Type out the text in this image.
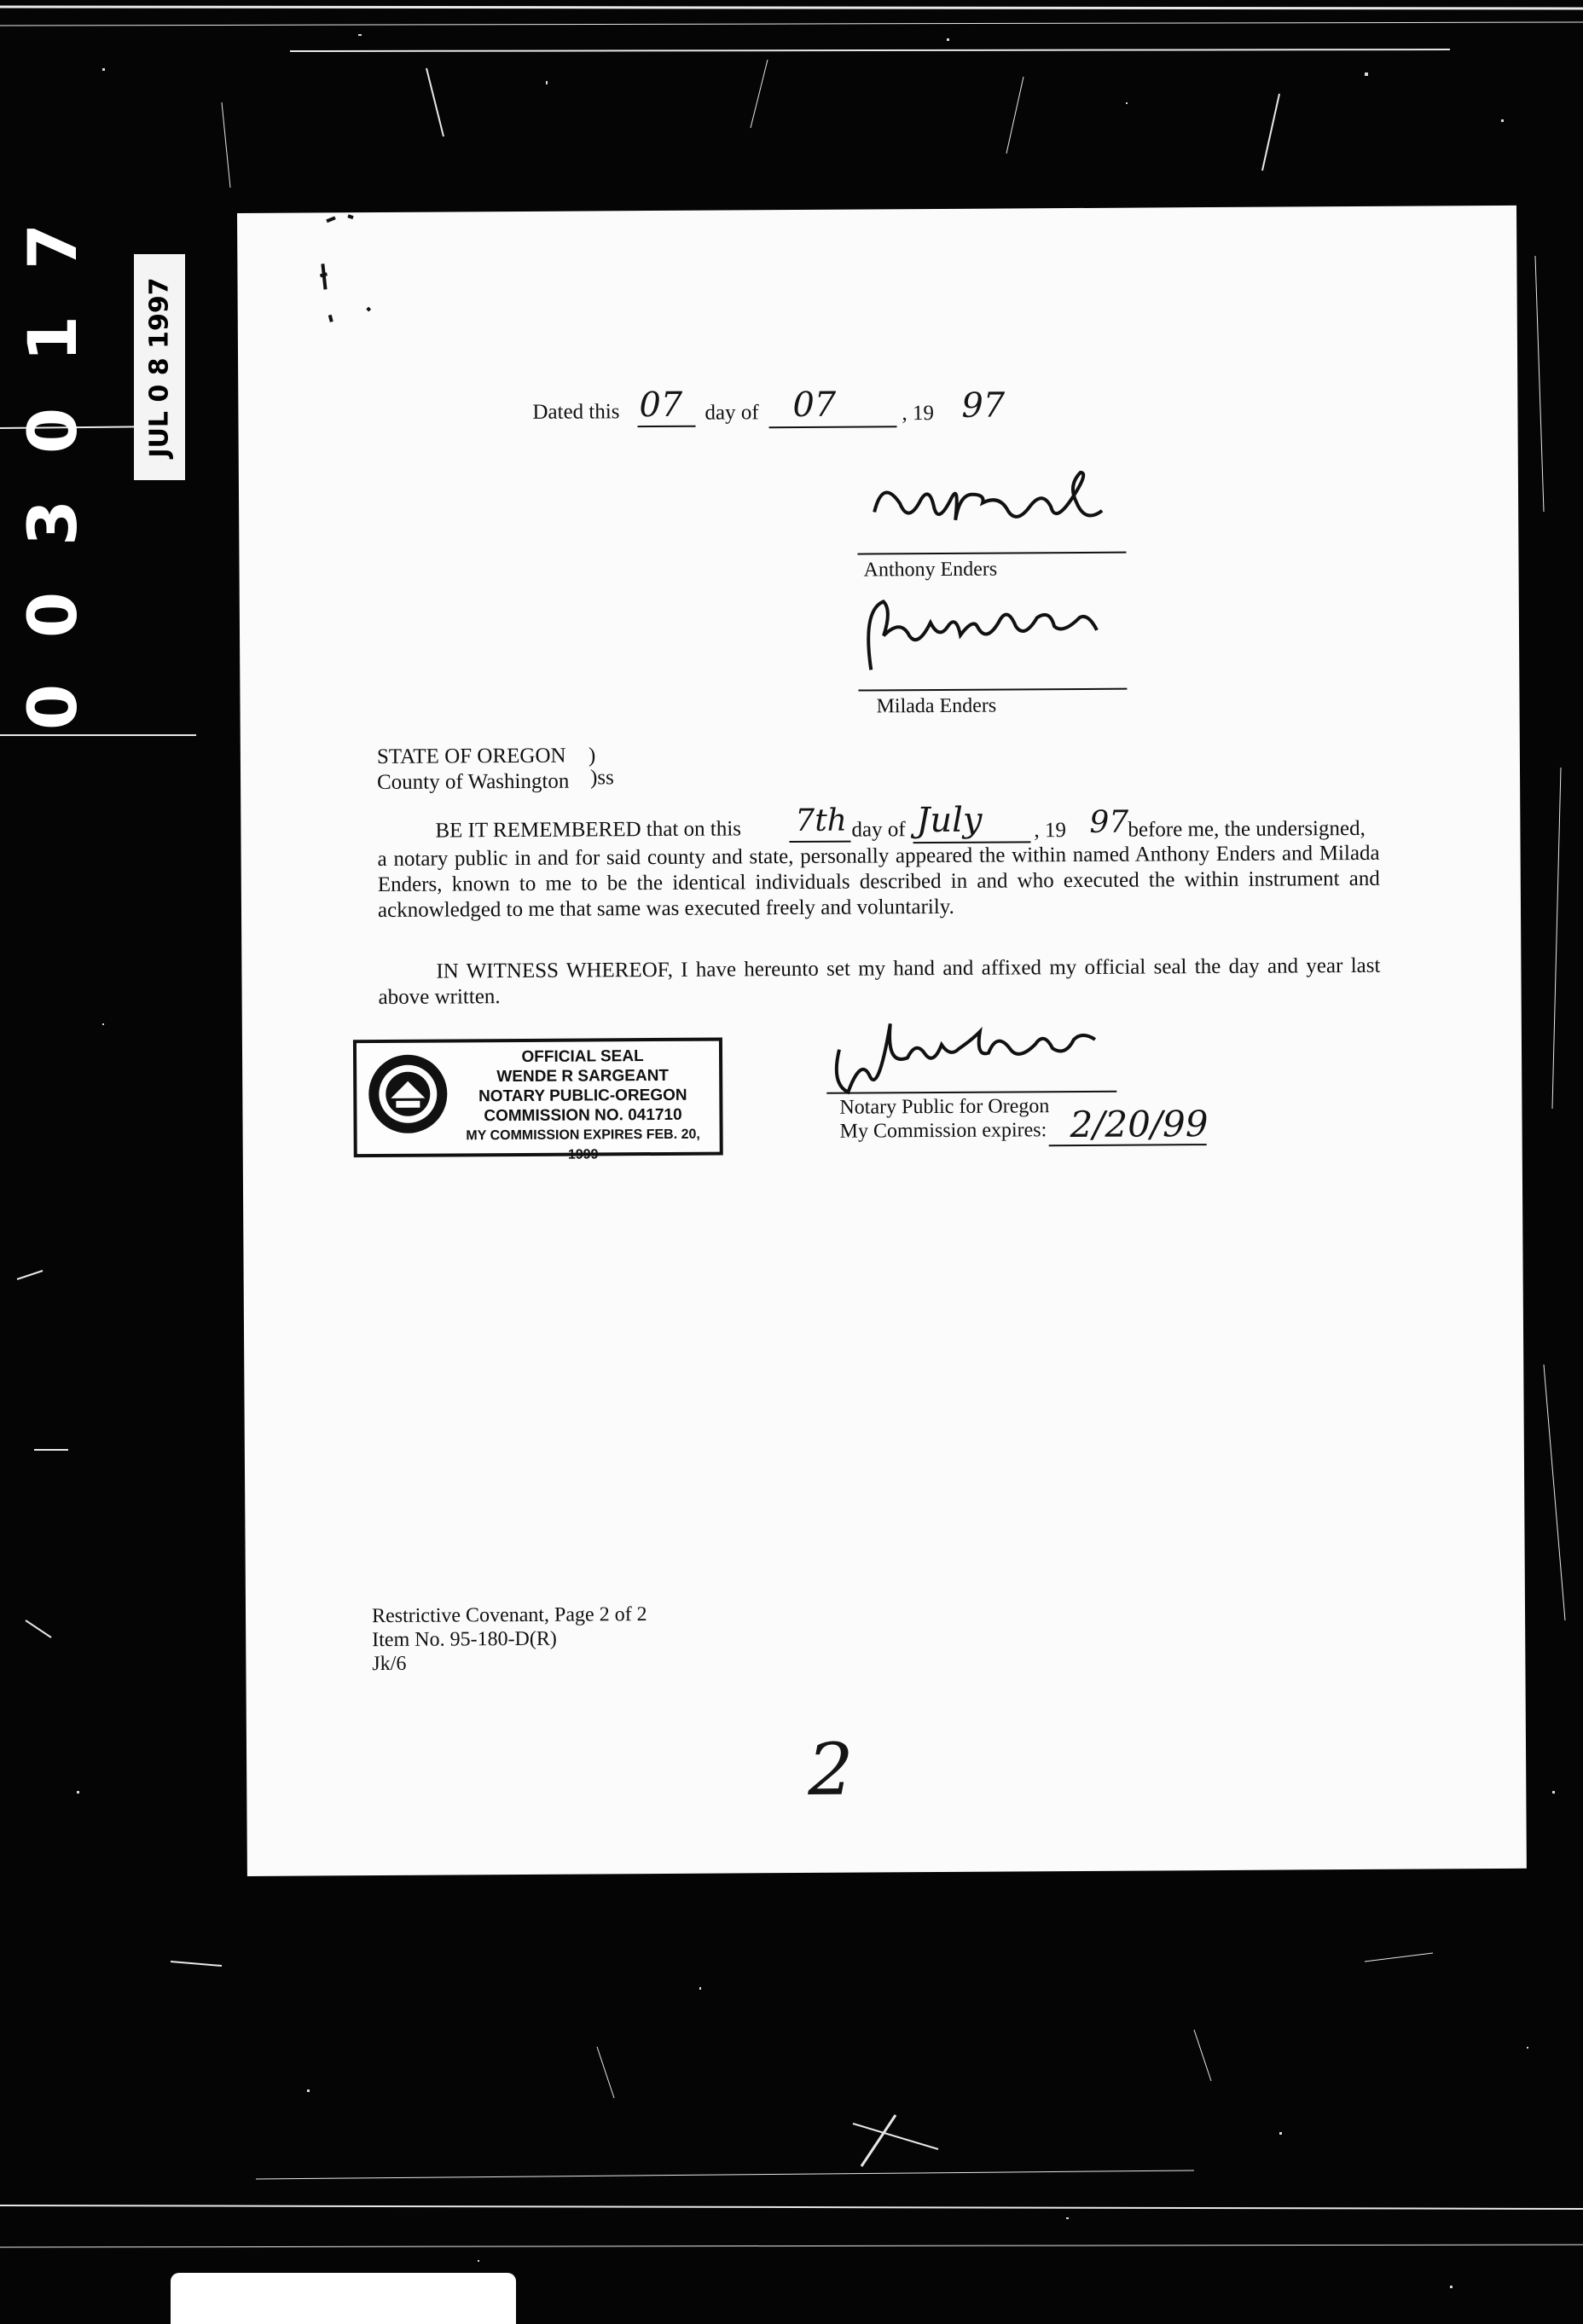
7
1
0
3
0
0
JUL 0 8 1997	Dated this 07 day of 07	, 19 97
Anthony Enders
Milada Enders
STATE OF OREGON )
County of Washington )ss
BE IT REMEMBERED that on this 7th day of July , 19 97 before me, the undersigned,
a notary public in and for said county and state, personally appeared the within named Anthony Enders and Milada Enders, known to me to be the identical individuals described in and who executed the within instrument and acknowledged to me that same was executed freely and voluntarily.
IN WITNESS WHEREOF, I have hereunto set my hand and affixed my official seal the day and year last above written.
OFFICIAL SEAL
WENDE R SARGEANT
NOTARY PUBLIC-OREGON
COMMISSION NO. 041710
MY COMMISSION EXPIRES FEB. 20, 1999
Notary Public for Oregon
My Commission expires: 2/20/99
Restrictive Covenant, Page 2 of 2
Item No. 95-180-D(R)
Jk/6
2
